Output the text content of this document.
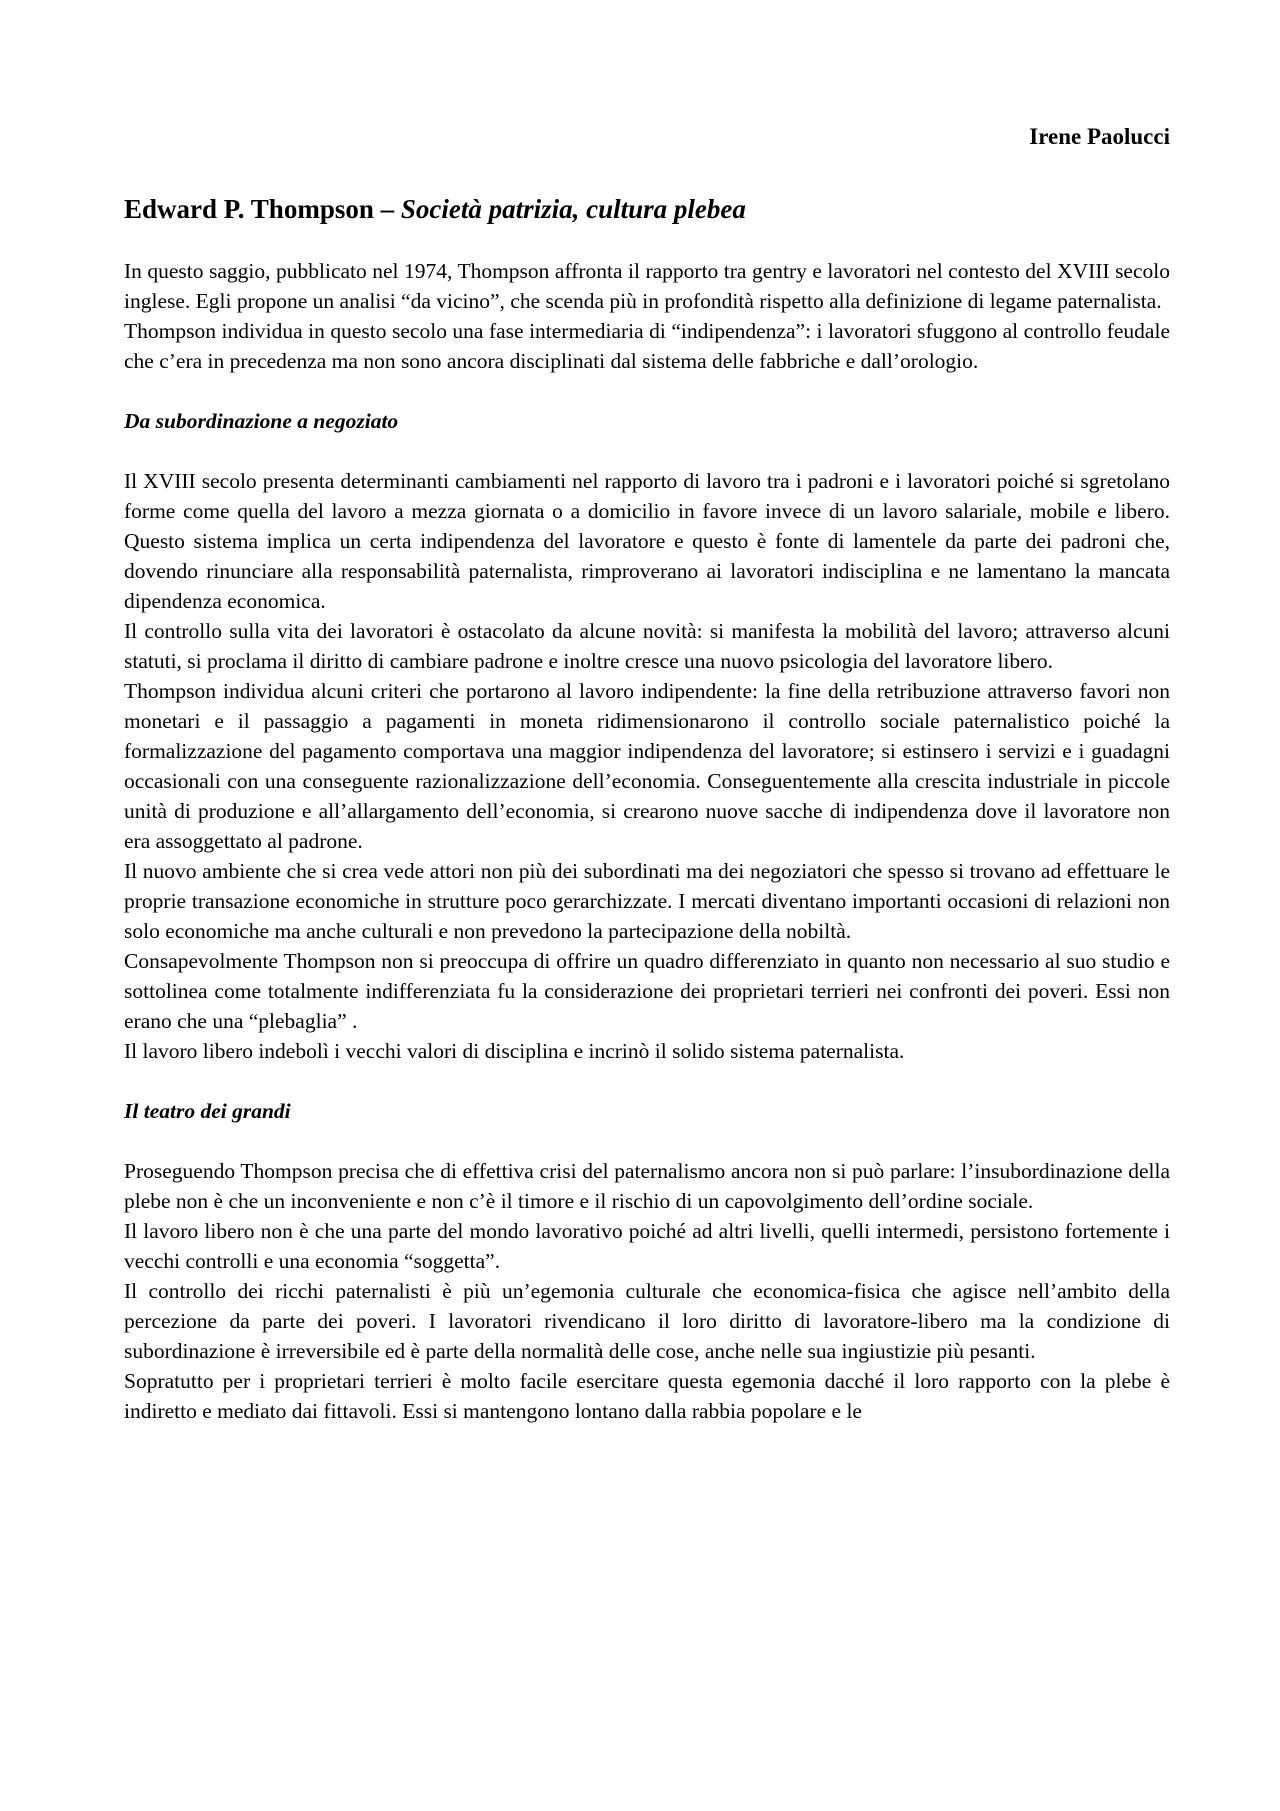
Irene Paolucci
Edward P. Thompson – Società patrizia, cultura plebea

In questo saggio, pubblicato nel 1974, Thompson affronta il rapporto tra gentry e lavoratori nel contesto del XVIII secolo inglese. Egli propone un analisi “da vicino”, che scenda più in profondità rispetto alla definizione di legame paternalista.

Thompson individua in questo secolo una fase intermediaria di “indipendenza”: i lavoratori sfuggono al controllo feudale che c’era in precedenza ma non sono ancora disciplinati dal sistema delle fabbriche e dall’orologio.

Da subordinazione a negoziato

Il XVIII secolo presenta determinanti cambiamenti nel rapporto di lavoro tra i padroni e i lavoratori poiché si sgretolano forme come quella del lavoro a mezza giornata o a domicilio in favore invece di un lavoro salariale, mobile e libero. Questo sistema implica un certa indipendenza del lavoratore e questo è fonte di lamentele da parte dei padroni che, dovendo rinunciare alla responsabilità paternalista, rimproverano ai lavoratori indisciplina e ne lamentano la mancata dipendenza economica.

Il controllo sulla vita dei lavoratori è ostacolato da alcune novità: si manifesta la mobilità del lavoro; attraverso alcuni statuti, si proclama il diritto di cambiare padrone e inoltre cresce una nuovo psicologia del lavoratore libero.

Thompson individua alcuni criteri che portarono al lavoro indipendente: la fine della retribuzione attraverso favori non monetari e il passaggio a pagamenti in moneta ridimensionarono il controllo sociale paternalistico poiché la formalizzazione del pagamento comportava una maggior indipendenza del lavoratore; si estinsero i servizi e i guadagni occasionali con una conseguente razionalizzazione dell’economia. Conseguentemente alla crescita industriale in piccole unità di produzione e all’allargamento dell’economia, si crearono nuove sacche di indipendenza dove il lavoratore non era assoggettato al padrone.

Il nuovo ambiente che si crea vede attori non più dei subordinati ma dei negoziatori che spesso si trovano ad effettuare le proprie transazione economiche in strutture poco gerarchizzate. I mercati diventano importanti occasioni di relazioni non solo economiche ma anche culturali e non prevedono la partecipazione della nobiltà.

Consapevolmente Thompson non si preoccupa di offrire un quadro differenziato in quanto non necessario al suo studio e sottolinea come totalmente indifferenziata fu la considerazione dei proprietari terrieri nei confronti dei poveri. Essi non erano che una “plebaglia” .

Il lavoro libero indebolì i vecchi valori di disciplina e incrinò il solido sistema paternalista.

Il teatro dei grandi

Proseguendo Thompson precisa che di effettiva crisi del paternalismo ancora non si può parlare: l’insubordinazione della plebe non è che un inconveniente e non c’è il timore e il rischio di un capovolgimento dell’ordine sociale.

Il lavoro libero non è che una parte del mondo lavorativo poiché ad altri livelli, quelli intermedi, persistono fortemente i vecchi controlli e una economia “soggetta”.

Il controllo dei ricchi paternalisti è più un’egemonia culturale che economica-fisica che agisce nell’ambito della percezione da parte dei poveri. I lavoratori rivendicano il loro diritto di lavoratore-libero ma la condizione di subordinazione è irreversibile ed è parte della normalità delle cose, anche nelle sua ingiustizie più pesanti.

Sopratutto per i proprietari terrieri è molto facile esercitare questa egemonia dacché il loro rapporto con la plebe è indiretto e mediato dai fittavoli. Essi si mantengono lontano dalla rabbia popolare e le
